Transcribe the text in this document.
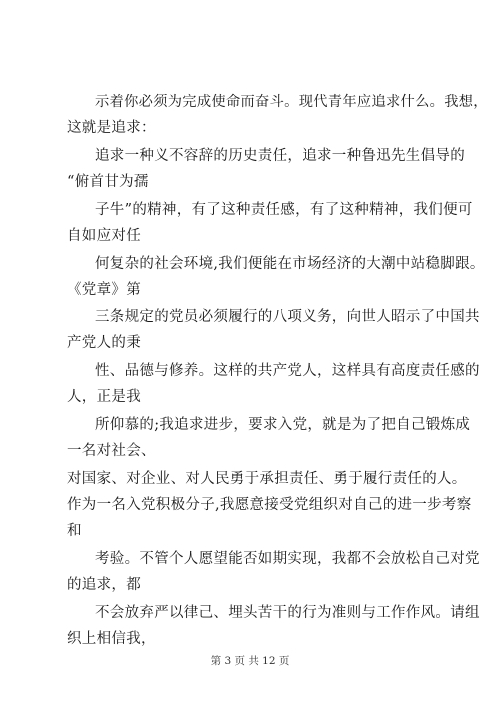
示着你必须为完成使命而奋斗。现代青年应追求什么。我想，
这就是追求：
追求一种义不容辞的历史责任，追求一种鲁迅先生倡导的
“俯首甘为孺
子牛”的精神，有了这种责任感，有了这种精神，我们便可
自如应对任
何复杂的社会环境,我们便能在市场经济的大潮中站稳脚跟。
《党章》第
三条规定的党员必须履行的八项义务，向世人昭示了中国共
产党人的秉
性、品德与修养。这样的共产党人，这样具有高度责任感的
人，正是我
所仰慕的;我追求进步，要求入党，就是为了把自己锻炼成
一名对社会、
对国家、对企业、对人民勇于承担责任、勇于履行责任的人。
作为一名入党积极分子,我愿意接受党组织对自己的进一步考察
和
考验。不管个人愿望能否如期实现，我都不会放松自己对党
的追求，都
不会放弃严以律己、埋头苦干的行为准则与工作作风。请组
织上相信我，
第 3 页 共 12 页
